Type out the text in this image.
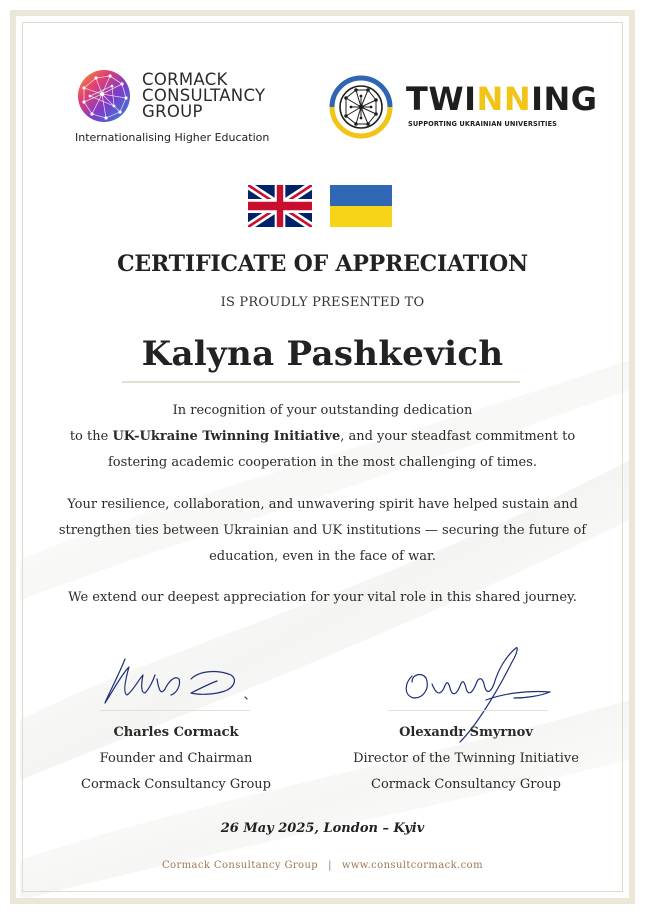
CORMACK
CONSULTANCY
GROUP
Internationalising Higher Education
TWINNING
SUPPORTING UKRAINIAN UNIVERSITIES
CERTIFICATE OF APPRECIATION
IS PROUDLY PRESENTED TO
Kalyna Pashkevich
In recognition of your outstanding dedication
to the UK-Ukraine Twinning Initiative, and your steadfast commitment to
fostering academic cooperation in the most challenging of times.
Your resilience, collaboration, and unwavering spirit have helped sustain and
strengthen ties between Ukrainian and UK institutions — securing the future of
education, even in the face of war.
We extend our deepest appreciation for your vital role in this shared journey.
Charles Cormack
Founder and Chairman
Cormack Consultancy Group
Olexandr Smyrnov
Director of the Twinning Initiative
Cormack Consultancy Group
26 May 2025, London – Kyiv
Cormack Consultancy Group | www.consultcormack.com
